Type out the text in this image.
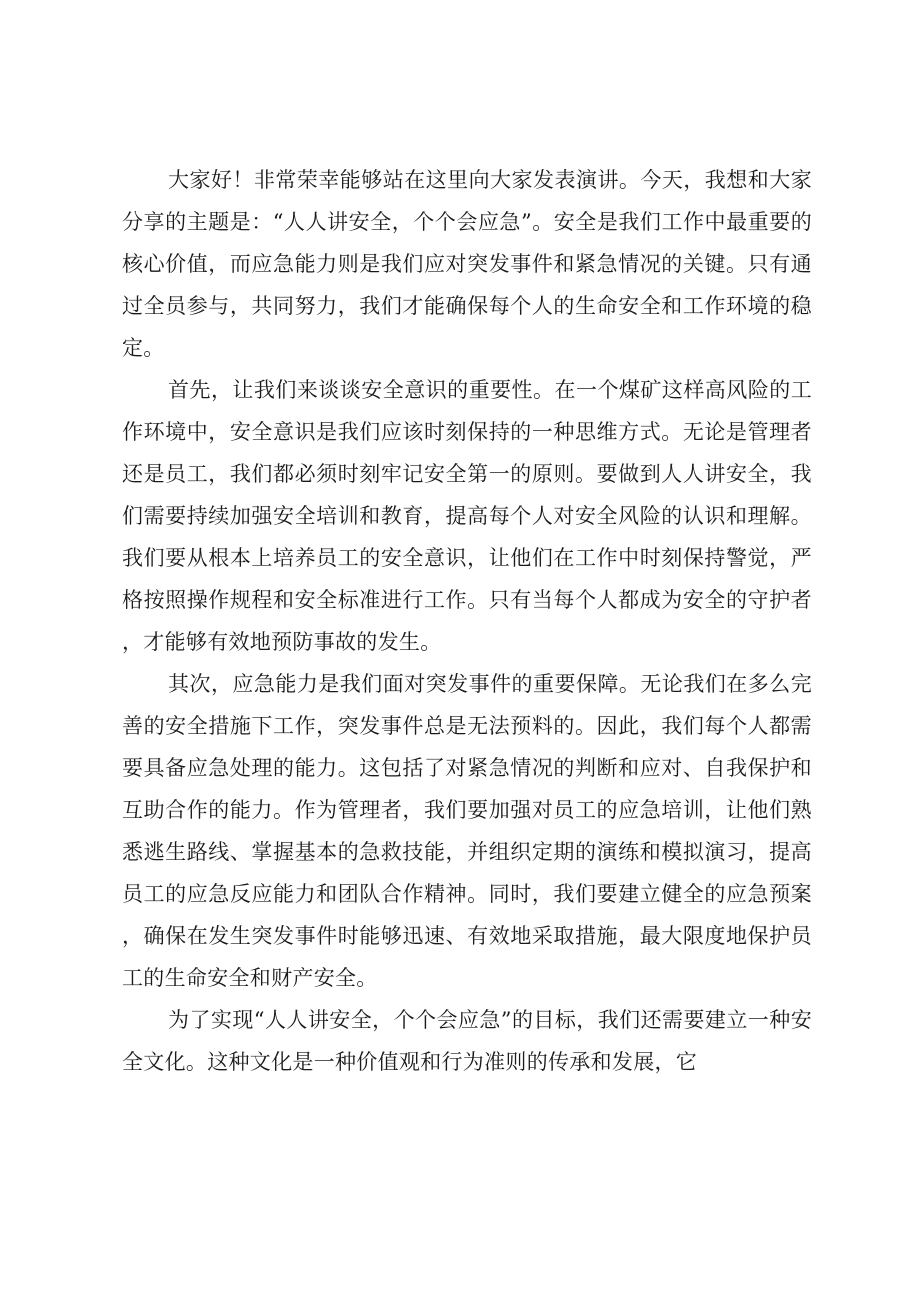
大家好！非常荣幸能够站在这里向大家发表演讲。今天，我想和大家分享的主题是：“人人讲安全，个个会应急”。安全是我们工作中最重要的核心价值，而应急能力则是我们应对突发事件和紧急情况的关键。只有通过全员参与，共同努力，我们才能确保每个人的生命安全和工作环境的稳定。

首先，让我们来谈谈安全意识的重要性。在一个煤矿这样高风险的工作环境中，安全意识是我们应该时刻保持的一种思维方式。无论是管理者还是员工，我们都必须时刻牢记安全第一的原则。要做到人人讲安全，我们需要持续加强安全培训和教育，提高每个人对安全风险的认识和理解。我们要从根本上培养员工的安全意识，让他们在工作中时刻保持警觉，严格按照操作规程和安全标准进行工作。只有当每个人都成为安全的守护者，才能够有效地预防事故的发生。

其次，应急能力是我们面对突发事件的重要保障。无论我们在多么完善的安全措施下工作，突发事件总是无法预料的。因此，我们每个人都需要具备应急处理的能力。这包括了对紧急情况的判断和应对、自我保护和互助合作的能力。作为管理者，我们要加强对员工的应急培训，让他们熟悉逃生路线、掌握基本的急救技能，并组织定期的演练和模拟演习，提高员工的应急反应能力和团队合作精神。同时，我们要建立健全的应急预案，确保在发生突发事件时能够迅速、有效地采取措施，最大限度地保护员工的生命安全和财产安全。

为了实现“人人讲安全，个个会应急”的目标，我们还需要建立一种安全文化。这种文化是一种价值观和行为准则的传承和发展，它
